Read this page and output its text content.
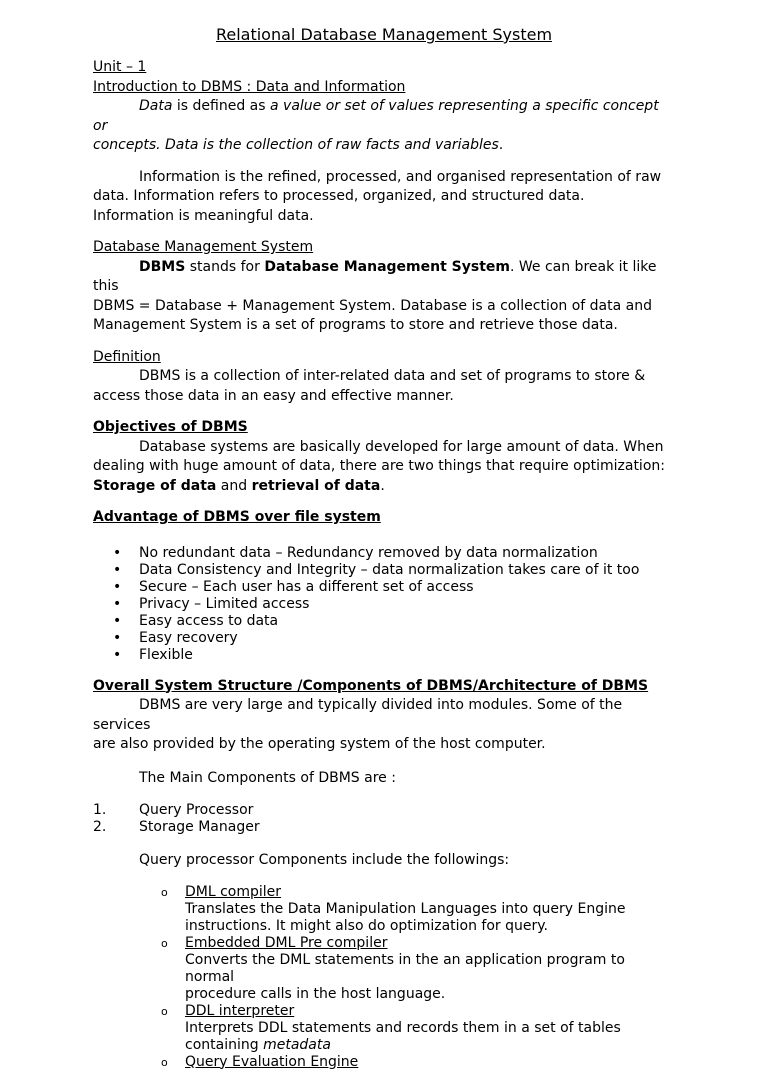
Relational Database Management System

Unit – 1

Introduction to DBMS : Data and Information

Data is defined as a value or set of values representing a specific concept or

concepts. Data is the collection of raw facts and variables.

Information is the refined, processed, and organised representation of raw

data. Information refers to processed, organized, and structured data.

Information is meaningful data.

Database Management System

DBMS stands for Database Management System. We can break it like this

DBMS = Database + Management System. Database is a collection of data and

Management System is a set of programs to store and retrieve those data.

Definition

DBMS is a collection of inter-related data and set of programs to store &

access those data in an easy and effective manner.

Objectives of DBMS

Database systems are basically developed for large amount of data. When

dealing with huge amount of data, there are two things that require optimization:

Storage of data and retrieval of data.

Advantage of DBMS over file system

• No redundant data – Redundancy removed by data normalization
• Data Consistency and Integrity – data normalization takes care of it too
• Secure – Each user has a different set of access
• Privacy – Limited access
• Easy access to data
• Easy recovery
• Flexible

Overall System Structure /Components of DBMS/Architecture of DBMS

DBMS are very large and typically divided into modules. Some of the services

are also provided by the operating system of the host computer.

The Main Components of DBMS are :

1. Query Processor
2. Storage Manager

Query processor Components include the followings:

o DML compiler
Translates the Data Manipulation Languages into query Engine
instructions. It might also do optimization for query.
o Embedded DML Pre compiler
Converts the DML statements in the an application program to normal
procedure calls in the host language.
o DDL interpreter
Interprets DDL statements and records them in a set of tables
containing metadata
o Query Evaluation Engine
